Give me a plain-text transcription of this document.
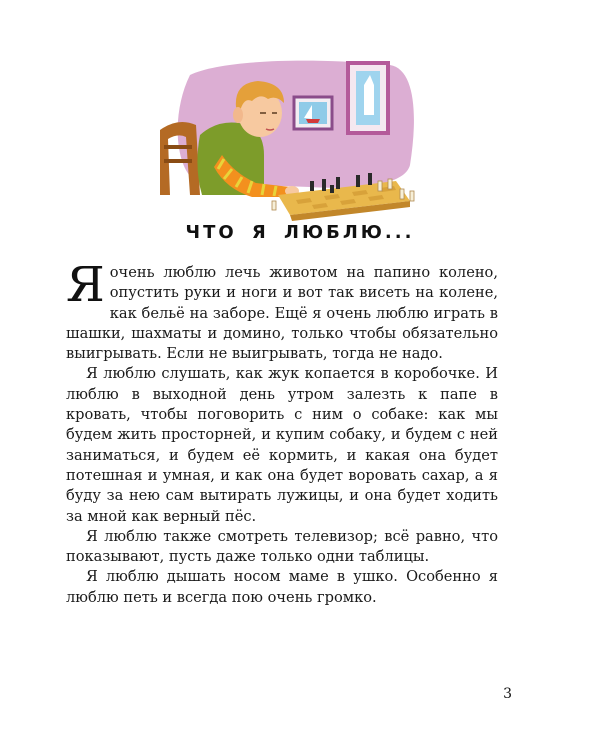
ЧТО Я ЛЮБЛЮ...

Я очень люблю лечь животом на папино колено, опустить руки и ноги и вот так висеть на колене, как бельё на заборе. Ещё я очень люблю играть в шашки, шахматы и домино, только чтобы обязательно выигрывать. Если не выигрывать, тогда не надо.

Я люблю слушать, как жук копается в коробочке. И люблю в выходной день утром залезть к папе в кровать, чтобы поговорить с ним о собаке: как мы будем жить просторней, и купим собаку, и будем с ней заниматься, и будем её кормить, и какая она будет потешная и умная, и как она будет воровать сахар, а я буду за нею сам вытирать лужицы, и она будет ходить за мной как верный пёс.

Я люблю также смотреть телевизор; всё равно, что показывают, пусть даже только одни таблицы.

Я люблю дышать носом маме в ушко. Особенно я люблю петь и всегда пою очень громко.

3
